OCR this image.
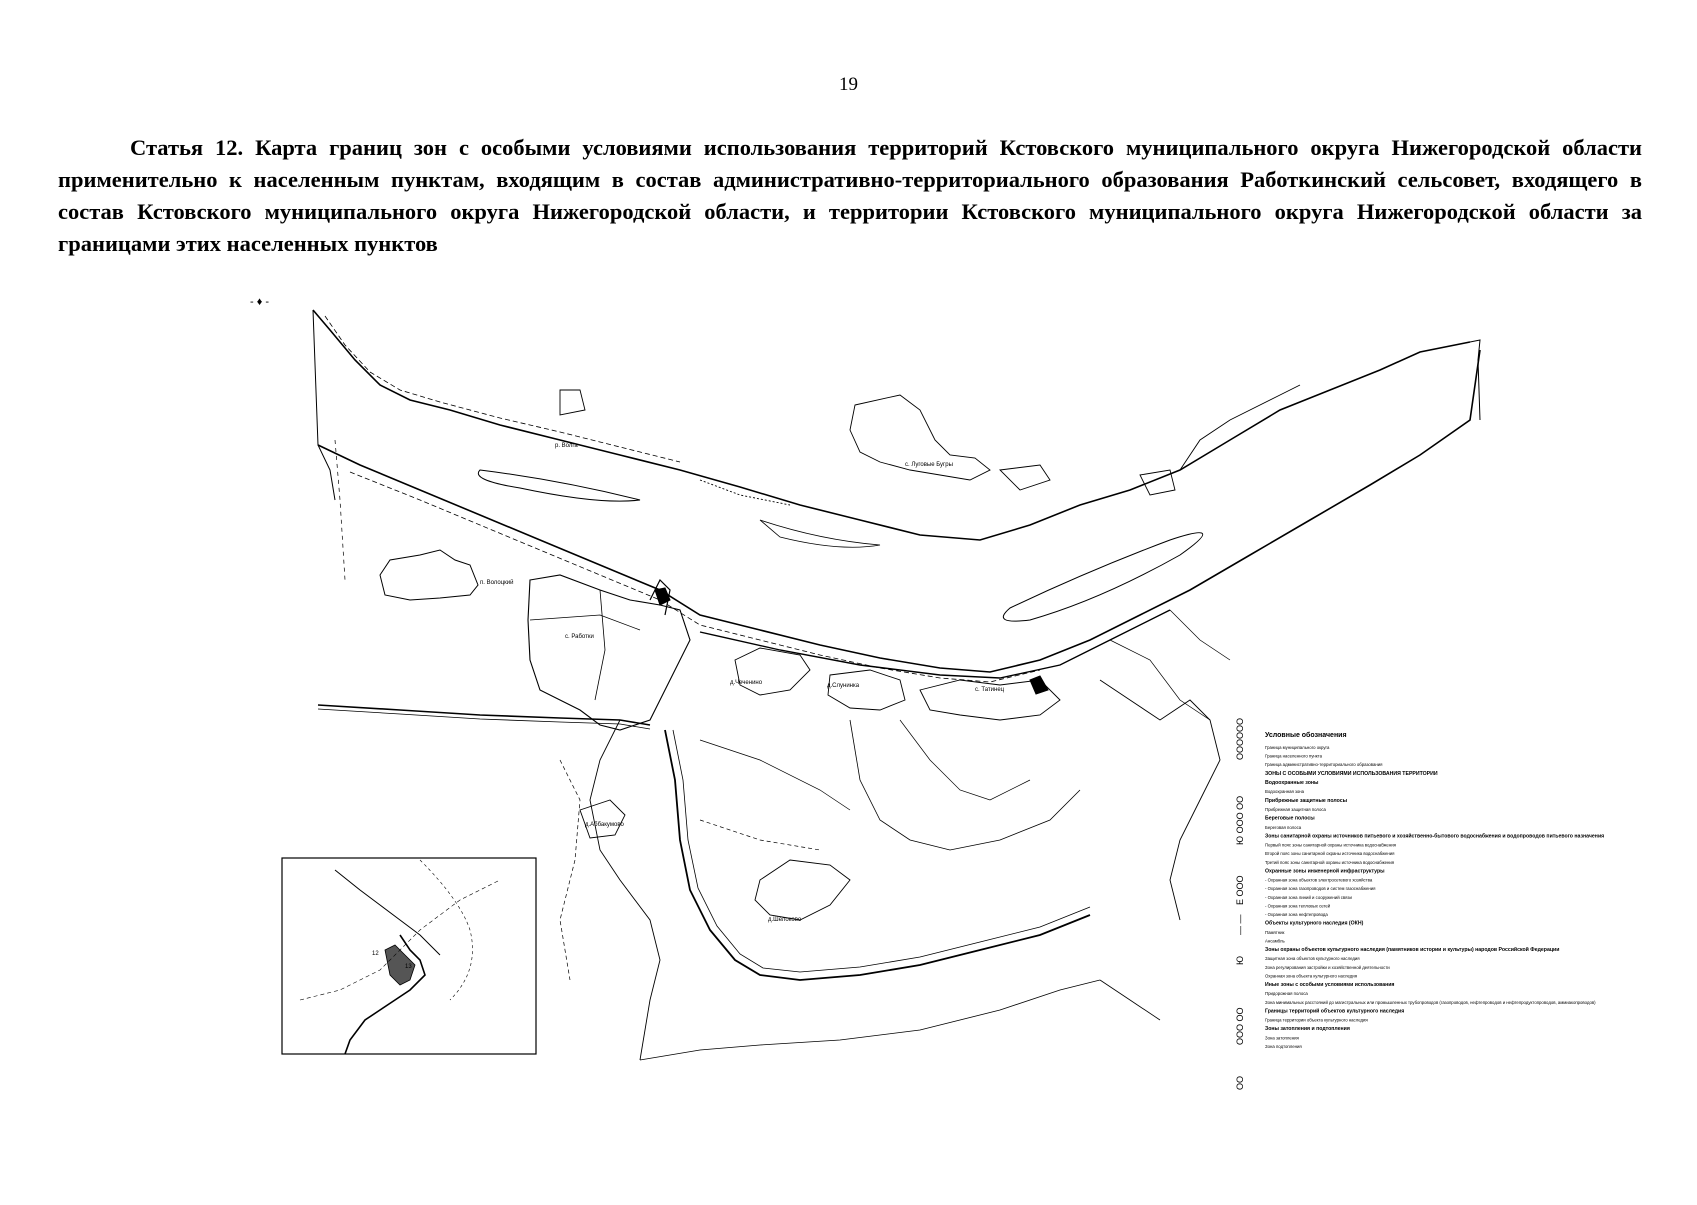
19
Статья 12. Карта границ зон с особыми условиями использования территорий Кстовского муниципального округа Нижегородской области применительно к населенным пунктам, входящим в состав административно-территориального образования Работкинский сельсовет, входящего в состав Кстовского муниципального округа Нижегородской области, и территории Кстовского муниципального округа Нижегородской области за границами этих населенных пунктов
- ♦ -
р. Волга
с. Луговые Бугры
п. Волоцкий
с. Работки
д.Чеченино	д.Слунинка
с. Татинец
д.Аббакумово
д.Шелоково
12
13
ОООООО
Ю ООО ОО
Е ООО
— —
Ю
ООО ОО
ОО
Условные обозначения
Граница муниципального округа
Граница населенного пункта
Граница административно-территориального образования
ЗОНЫ С ОСОБЫМИ УСЛОВИЯМИ ИСПОЛЬЗОВАНИЯ ТЕРРИТОРИИ
Водоохранные зоны
Водоохранная зона
Прибрежные защитные полосы
Прибрежная защитная полоса
Береговые полосы
Береговая полоса
Зоны санитарной охраны источников питьевого и хозяйственно-бытового водоснабжения и водопроводов питьевого назначения
Первый пояс зоны санитарной охраны источника водоснабжения
Второй пояс зоны санитарной охраны источника водоснабжения
Третий пояс зоны санитарной охраны источника водоснабжения
Охранные зоны инженерной инфраструктуры
- Охранная зона объектов электросетевого хозяйства
- Охранная зона газопроводов и систем газоснабжения
- Охранная зона линий и сооружений связи
- Охранная зона тепловых сетей
- Охранная зона нефтепровода
Объекты культурного наследия (ОКН)
Памятник
Ансамбль
Зоны охраны объектов культурного наследия (памятников истории и культуры) народов Российской Федерации
Защитная зона объектов культурного наследия
Зона регулирования застройки и хозяйственной деятельности
Охранная зона объекта культурного наследия
Иные зоны с особыми условиями использования
Придорожная полоса
Зона минимальных расстояний до магистральных или промышленных трубопроводов (газопроводов, нефтепроводов и нефтепродуктопроводов, аммиакопроводов)
Границы территорий объектов культурного наследия
Граница территории объекта культурного наследия
Зоны затопления и подтопления
Зона затопления
Зона подтопления
